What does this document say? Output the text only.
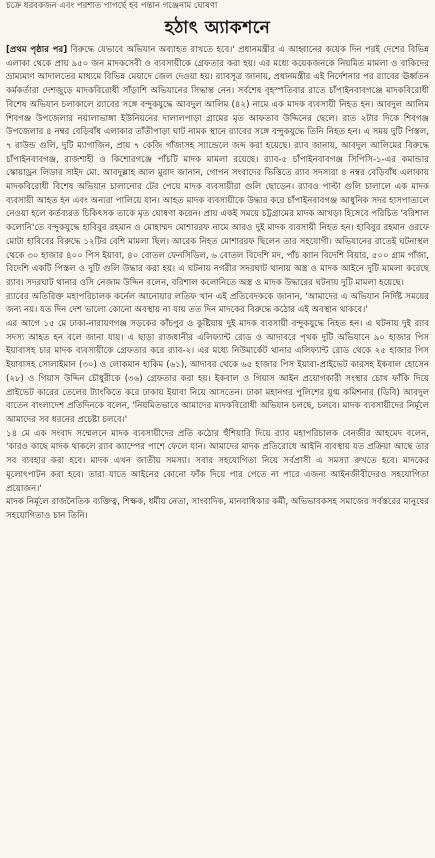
চক্রে ধরবকজন এবং পরশাত পাগর্ছে হব পন্তান গঞ্জেনাম ঘোষণা
হঠাৎ অ্যাকশনে

[প্রথম পৃষ্ঠার পর] বিরুদ্ধে যেভাবে অভিযান অব্যাহত রাখতে হবে।' প্রধানমন্ত্রীর এ আহ্বানের কয়েক দিন পরই দেশের বিভিন্ন এলাকা থেকে প্রায় ৯৫০ জন মাদকসেবী ও ব্যবসায়ীকে গ্রেফতার করা হয়। এর মধ্যে কয়েকজনকে নিয়মিত মামলা ও বাকিদের ভ্রাম্যমাণ আদালতের মাধ্যমে বিভিন্ন মেয়াদে জেল দেওয়া হয়। র‍্যাবসূত্র জানায়, প্রধানমন্ত্রীর এই নির্দেশনার পর র‍্যাবের ঊর্ধ্বতন কর্মকর্তারা দেশজুড়ে মাদকবিরোধী সাঁড়াশি অভিযানের সিদ্ধান্ত নেন। সর্বশেষ বৃহস্পতিবার রাতে চাঁপাইনবাবগঞ্জে মাদকবিরোধী বিশেষ অভিযান চলাকালে র‍্যাবের সঙ্গে বন্দুকযুদ্ধে আবদুল আলিম (৪২) নামে এক মাদক ব্যবসায়ী নিহত হন। আবদুল আলিম শিবগঞ্জ উপজেলার নয়ালাভাঙ্গা ইউনিয়নের দালালপাড়া গ্রামের মৃত আফতাব উদ্দিনের ছেলে। রাত ২টার দিকে শিবগঞ্জ উপজেলার ৪ নম্বর বেড়িবাঁধ এলাকার তাঁতীপাড়া ঘাট নামক স্থানে র‍্যাবের সঙ্গে বন্দুকযুদ্ধে তিনি নিহত হন। এ সময় দুটি পিস্তল, ৭ রাউন্ড গুলি, দুটি ম্যাগাজিন, প্রায় ৭ কেজি গাঁজাসহ স্যান্ডেলে জব্দ করা হয়েছে। র‍্যাব জানায়, আবদুল আলিমের বিরুদ্ধে চাঁপাইনবাবগঞ্জ, রাজশাহী ও কিশোরগঞ্জে পাঁচটি মাদক মামলা রয়েছে। র‍্যাব-৫ চাঁপাইনবাবগঞ্জ সিপিসি-১-এর কমান্ডার স্কোয়াড্রন লিডার সাইদ মো. আবদুল্লাহ আল মুরাদ জানান, গোপন সংবাদের ভিত্তিতে র‍্যাব সদস্যরা ৪ নম্বর বেড়িবাঁধ এলাকায় মাদকবিরোধী বিশেষ অভিযান চালানোর টের পেয়ে মাদক ব্যবসায়ীরা গুলি ছোড়েন। র‍্যাবও পাল্টা গুলি চালালে এক মাদক ব্যবসায়ী আহত হন এবং অন্যরা পালিয়ে যান। আহত মাদক ব্যবসায়ীকে উদ্ধার করে চাঁপাইনবাবগঞ্জ আধুনিক সদর হাসপাতালে নেওয়া হলে কর্তব্যরত চিকিৎসক তাকে মৃত ঘোষণা করেন। প্রায় একই সময়ে চট্টগ্রামের মাদক আখড়া হিসেবে পরিচিত 'বরিশাল কলোনি'তে বন্দুকযুদ্ধে হাবিবুর রহমান ও মোহাম্মদ মোশাররফ নামে আরও দুই মাদক ব্যবসায়ী নিহত হন। হাবিবুর রহমান ওরফে মোটা হাবিবের বিরুদ্ধে ১২টির বেশি মামলা ছিল। আরেক নিহত মোশাররফ ছিলেন তার সহযোগী। অভিযানের রাতেই ঘটনাস্থল থেকে ৩০ হাজার ৪০০ পিস ইয়াবা, ৪০ বোতল ফেনসিডিল, ৬ বোতল বিদেশি মদ, পাঁচ ক্যান বিদেশি বিয়ার, ৫০০ গ্রাম গাঁজা, বিদেশি একটি পিস্তল ও দুটি গুলি উদ্ধার করা হয়। এ ঘটনায় নগরীর সদরঘাট থানায় অস্ত্র ও মাদক আইনে দুটি মামলা করেছে র‍্যাব। সদরঘাট থানার ওসি নেজাম উদ্দিন বলেন, বরিশাল কলোনিতে অস্ত্র ও মাদক উদ্ধারের ঘটনায় দুটি মামলা হয়েছে।

র‍্যাবের অতিরিক্ত মহাপরিচালক কর্নেল আনোয়ার লতিফ খান এই প্রতিবেদককে জানান, 'আমাদের এ অভিযান নির্দিষ্ট সময়ের জন্য নয়। যত দিন দেশ ভালো কোনো অবস্থায় না যায় তত দিন মাদকের বিরুদ্ধে কঠোর এই অবস্থান থাকবে।'

এর আগে ১৫ মে ঢাকা-নারায়ণগঞ্জ সড়কের কাঁচপুর ও কুষ্টিয়ায় দুই মাদক ব্যবসায়ী বন্দুকযুদ্ধে নিহত হন। এ ঘটনায় দুই র‍্যাব সদস্য আহত হন বলে জানা যায়। এ ছাড়া রাজধানীর এলিফ্যান্ট রোড ও আদাবরে পৃথক দুটি অভিযানে ৯০ হাজার পিস ইয়াবাসহ চার মাদক ব্যবসায়ীকে গ্রেফতার করে র‍্যাব-২। এর মধ্যে নিউমার্কেট থানার এলিফ্যান্ট রোড থেকে ২৫ হাজার পিস ইয়াবাসহ সোলাইমান (৩০) ও লোকমান হাকিম (৬১), আদাবর থেকে ৬৫ হাজার পিস ইয়াবা-প্রাইভেট কারসহ ইকবাল হোসেন (২৮) ও গিয়াস উদ্দিন চৌধুরীকে (৩৬) গ্রেফতার করা হয়। ইকবাল ও গিয়াস আইন প্রয়োগকারী সংস্থার চোখ ফাঁকি দিয়ে প্রাইভেট কারের তেলের ট্যাংকিতে করে ঢাকায় ইয়াবা নিয়ে আসতেন। ঢাকা মহানগর পুলিশের যুগ্ম কমিশনার (ডিবি) আবদুল বাতেন বাংলাদেশ প্রতিদিনকে বলেন, 'নিয়মিতভাবে আমাদের মাদকবিরোধী অভিযান চলছে, চলবে। মাদক ব্যবসায়ীদের নির্মূলে আমাদের সব ধরনের প্রচেষ্টা চলবে।'

১৪ মে এক সংবাদ সম্মেলনে মাদক ব্যবসায়ীদের প্রতি কঠোর হুঁশিয়ারি দিয়ে র‍্যাব মহাপরিচালক বেনজীর আহমেদ বলেন, 'কারও কাছে মাদক থাকলে র‍্যাব ক্যাম্পের পাশে ফেলে যান। আমাদের মাদক প্রতিরোধে আইনি ব্যবস্থায় যত প্রক্রিয়া আছে তার সব ব্যবহার করা হবে। মাদক এখন জাতীয় সমস্যা। সবার সহযোগিতা নিয়ে সর্বপ্রাসী এ সমস্যা রুখতে হবে। মাদকের মূলোৎপাটন করা হবে। তারা যাতে আইনের কোনো ফাঁক দিয়ে পার পেতে না পারে এজন্য আইনজীবীদেরও সহযোগিতা প্রয়োজন।'

মাদক নির্মূলে রাজনৈতিক ব্যক্তিত্ব, শিক্ষক, ধর্মীয় নেতা, সাংবাদিক, মানবাধিকার কর্মী, অভিভাবকসহ সমাজের সর্বস্তরের মানুষের সহযোগিতাও চান তিনি।
